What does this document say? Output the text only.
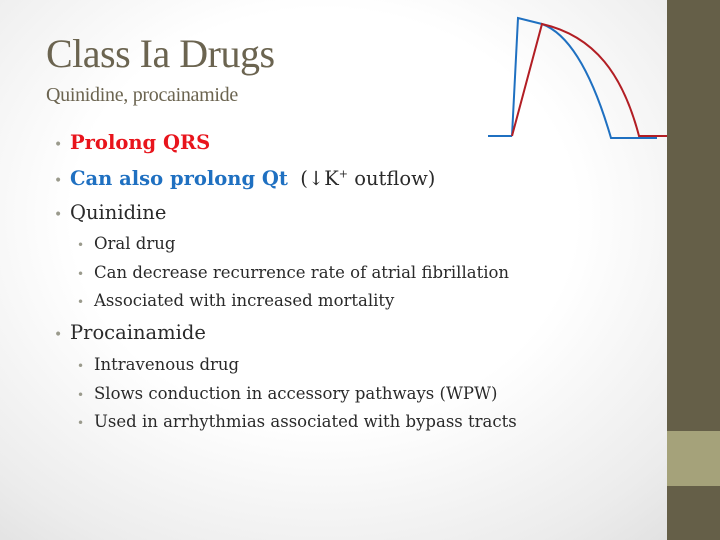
Class Ia Drugs
Quinidine, procainamide
• Prolong QRS
• Can also prolong Qt (↓K+ outflow)
• Quinidine
• Oral drug
• Can decrease recurrence rate of atrial fibrillation
• Associated with increased mortality
• Procainamide
• Intravenous drug
• Slows conduction in accessory pathways (WPW)
• Used in arrhythmias associated with bypass tracts
